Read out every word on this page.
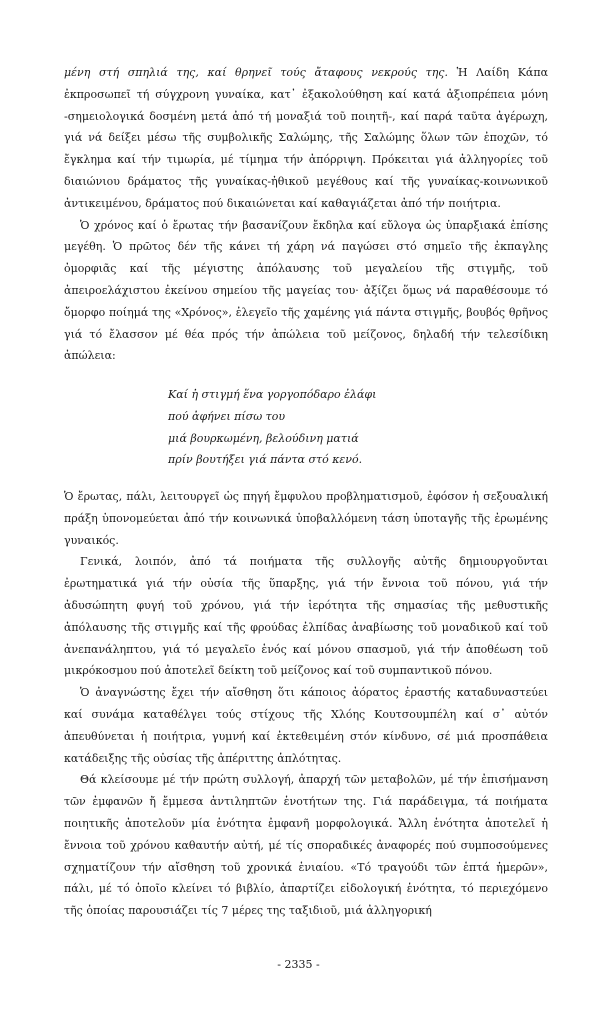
μένη στή σπηλιά της, καί θρηνεῖ τούς ἄταφους νεκρούς της. Ἡ Λαίδη Κάπα ἐκπροσωπεῖ τή σύγχρονη γυναίκα, κατ᾽ ἐξακολούθηση καί κατά ἀξιοπρέπεια μόνη -σημειολογικά δοσμένη μετά ἀπό τή μοναξιά τοῦ ποιητῆ-, καί παρά ταῦτα ἀγέρωχη, γιά νά δείξει μέσω τῆς συμβολικῆς Σαλώμης, τῆς Σαλώμης ὅλων τῶν ἐποχῶν, τό ἔγκλημα καί τήν τιμωρία, μέ τίμημα τήν ἀπόρριψη. Πρόκειται γιά ἀλληγορίες τοῦ διαιώνιου δράματος τῆς γυναίκας-ἠθικοῦ μεγέθους καί τῆς γυναίκας-κοινωνικοῦ ἀντικειμένου, δράματος πού δικαιώνεται καί καθαγιάζεται ἀπό τήν ποιήτρια.

Ὁ χρόνος καί ὁ ἔρωτας τήν βασανίζουν ἔκδηλα καί εὔλογα ὡς ὑπαρξιακά ἐπίσης μεγέθη. Ὁ πρῶτος δέν τῆς κάνει τή χάρη νά παγώσει στό σημεῖο τῆς ἐκπαγλης ὀμορφιᾶς καί τῆς μέγιστης ἀπόλαυσης τοῦ μεγαλείου τῆς στιγμῆς, τοῦ ἀπειροελάχιστου ἐκείνου σημείου τῆς μαγείας του· ἀξίζει ὅμως νά παραθέσουμε τό ὄμορφο ποίημά της «Χρόνος», ἐλεγεῖο τῆς χαμένης γιά πάντα στιγμῆς, βουβός θρῆνος γιά τό ἔλασσον μέ θέα πρός τήν ἀπώλεια τοῦ μείζονος, δηλαδή τήν τελεσίδικη ἀπώλεια:

Καί ἡ στιγμή ἕνα γοργοπόδαρο ἐλάφι
πού ἀφήνει πίσω του
μιά βουρκωμένη, βελούδινη ματιά
πρίν βουτήξει γιά πάντα στό κενό.

Ὁ ἔρωτας, πάλι, λειτουργεῖ ὡς πηγή ἔμφυλου προβληματισμοῦ, ἐφόσον ἡ σεξουαλική πράξη ὑπονομεύεται ἀπό τήν κοινωνικά ὑποβαλλόμενη τάση ὑποταγῆς τῆς ἐρωμένης γυναικός.

Γενικά, λοιπόν, ἀπό τά ποιήματα τῆς συλλογῆς αὐτῆς δημιουργοῦνται ἐρωτηματικά γιά τήν οὐσία τῆς ὕπαρξης, γιά τήν ἔννοια τοῦ πόνου, γιά τήν ἀδυσώπητη φυγή τοῦ χρόνου, γιά τήν ἱερότητα τῆς σημασίας τῆς μεθυστικῆς ἀπόλαυσης τῆς στιγμῆς καί τῆς φρούδας ἐλπίδας ἀναβίωσης τοῦ μοναδικοῦ καί τοῦ ἀνεπανάληπτου, γιά τό μεγαλεῖο ἑνός καί μόνου σπασμοῦ, γιά τήν ἀποθέωση τοῦ μικρόκοσμου πού ἀποτελεῖ δείκτη τοῦ μείζονος καί τοῦ συμπαντικοῦ πόνου.

Ὁ ἀναγνώστης ἔχει τήν αἴσθηση ὅτι κάποιος ἀόρατος ἐραστής καταδυναστεύει καί συνάμα καταθέλγει τούς στίχους τῆς Χλόης Κουτσουμπέλη καί σ᾽ αὐτόν ἀπευθύνεται ἡ ποιήτρια, γυμνή καί ἐκτεθειμένη στόν κίνδυνο, σέ μιά προσπάθεια κατάδειξης τῆς οὐσίας τῆς ἀπέριττης ἁπλότητας.

Θά κλείσουμε μέ τήν πρώτη συλλογή, ἀπαρχή τῶν μεταβολῶν, μέ τήν ἐπισήμανση τῶν ἐμφανῶν ἤ ἔμμεσα ἀντιληπτῶν ἑνοτήτων της. Γιά παράδειγμα, τά ποιήματα ποιητικῆς ἀποτελοῦν μία ἑνότητα ἐμφανῆ μορφολογικά. Ἄλλη ἑνότητα ἀποτελεῖ ἡ ἔννοια τοῦ χρόνου καθαυτήν αὐτή, μέ τίς σποραδικές ἀναφορές πού συμποσούμενες σχηματίζουν τήν αἴσθηση τοῦ χρονικά ἑνιαίου. «Τό τραγούδι τῶν ἑπτά ἡμερῶν», πάλι, μέ τό ὁποῖο κλείνει τό βιβλίο, ἀπαρτίζει εἰδολογική ἑνότητα, τό περιεχόμενο τῆς ὁποίας παρουσιάζει τίς 7 μέρες της ταξιδιοῦ, μιά ἀλληγορική

- 2335 -
